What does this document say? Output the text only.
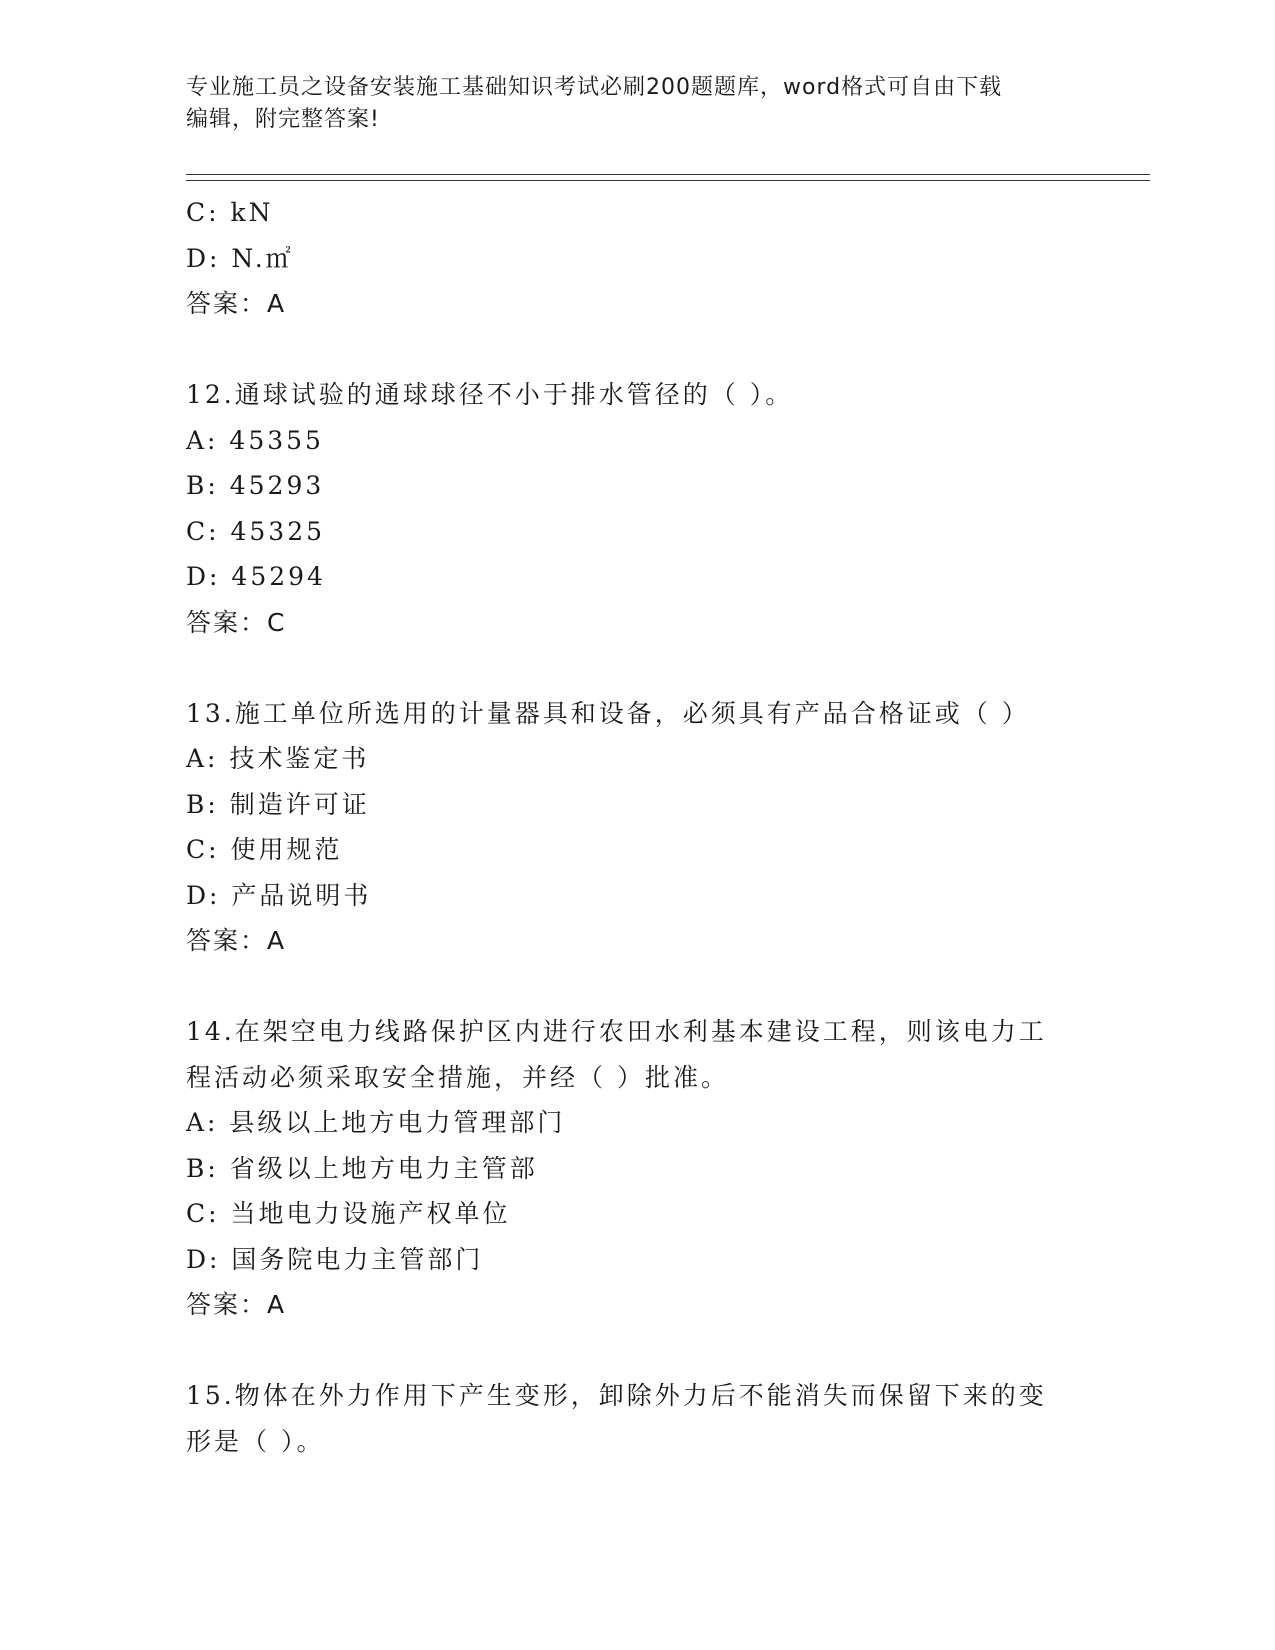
专业施工员之设备安装施工基础知识考试必刷200题题库，word格式可自由下载
编辑，附完整答案!
C: kN
D: N.㎡
答案：A
12.通球试验的通球球径不小于排水管径的（ ）。
A: 45355
B: 45293
C: 45325
D: 45294
答案：C
13.施工单位所选用的计量器具和设备，必须具有产品合格证或（ ）
A: 技术鉴定书
B: 制造许可证
C: 使用规范
D: 产品说明书
答案：A
14.在架空电力线路保护区内进行农田水利基本建设工程，则该电力工
程活动必须采取安全措施，并经（ ）批准。
A: 县级以上地方电力管理部门
B: 省级以上地方电力主管部
C: 当地电力设施产权单位
D: 国务院电力主管部门
答案：A
15.物体在外力作用下产生变形，卸除外力后不能消失而保留下来的变
形是（ ）。
